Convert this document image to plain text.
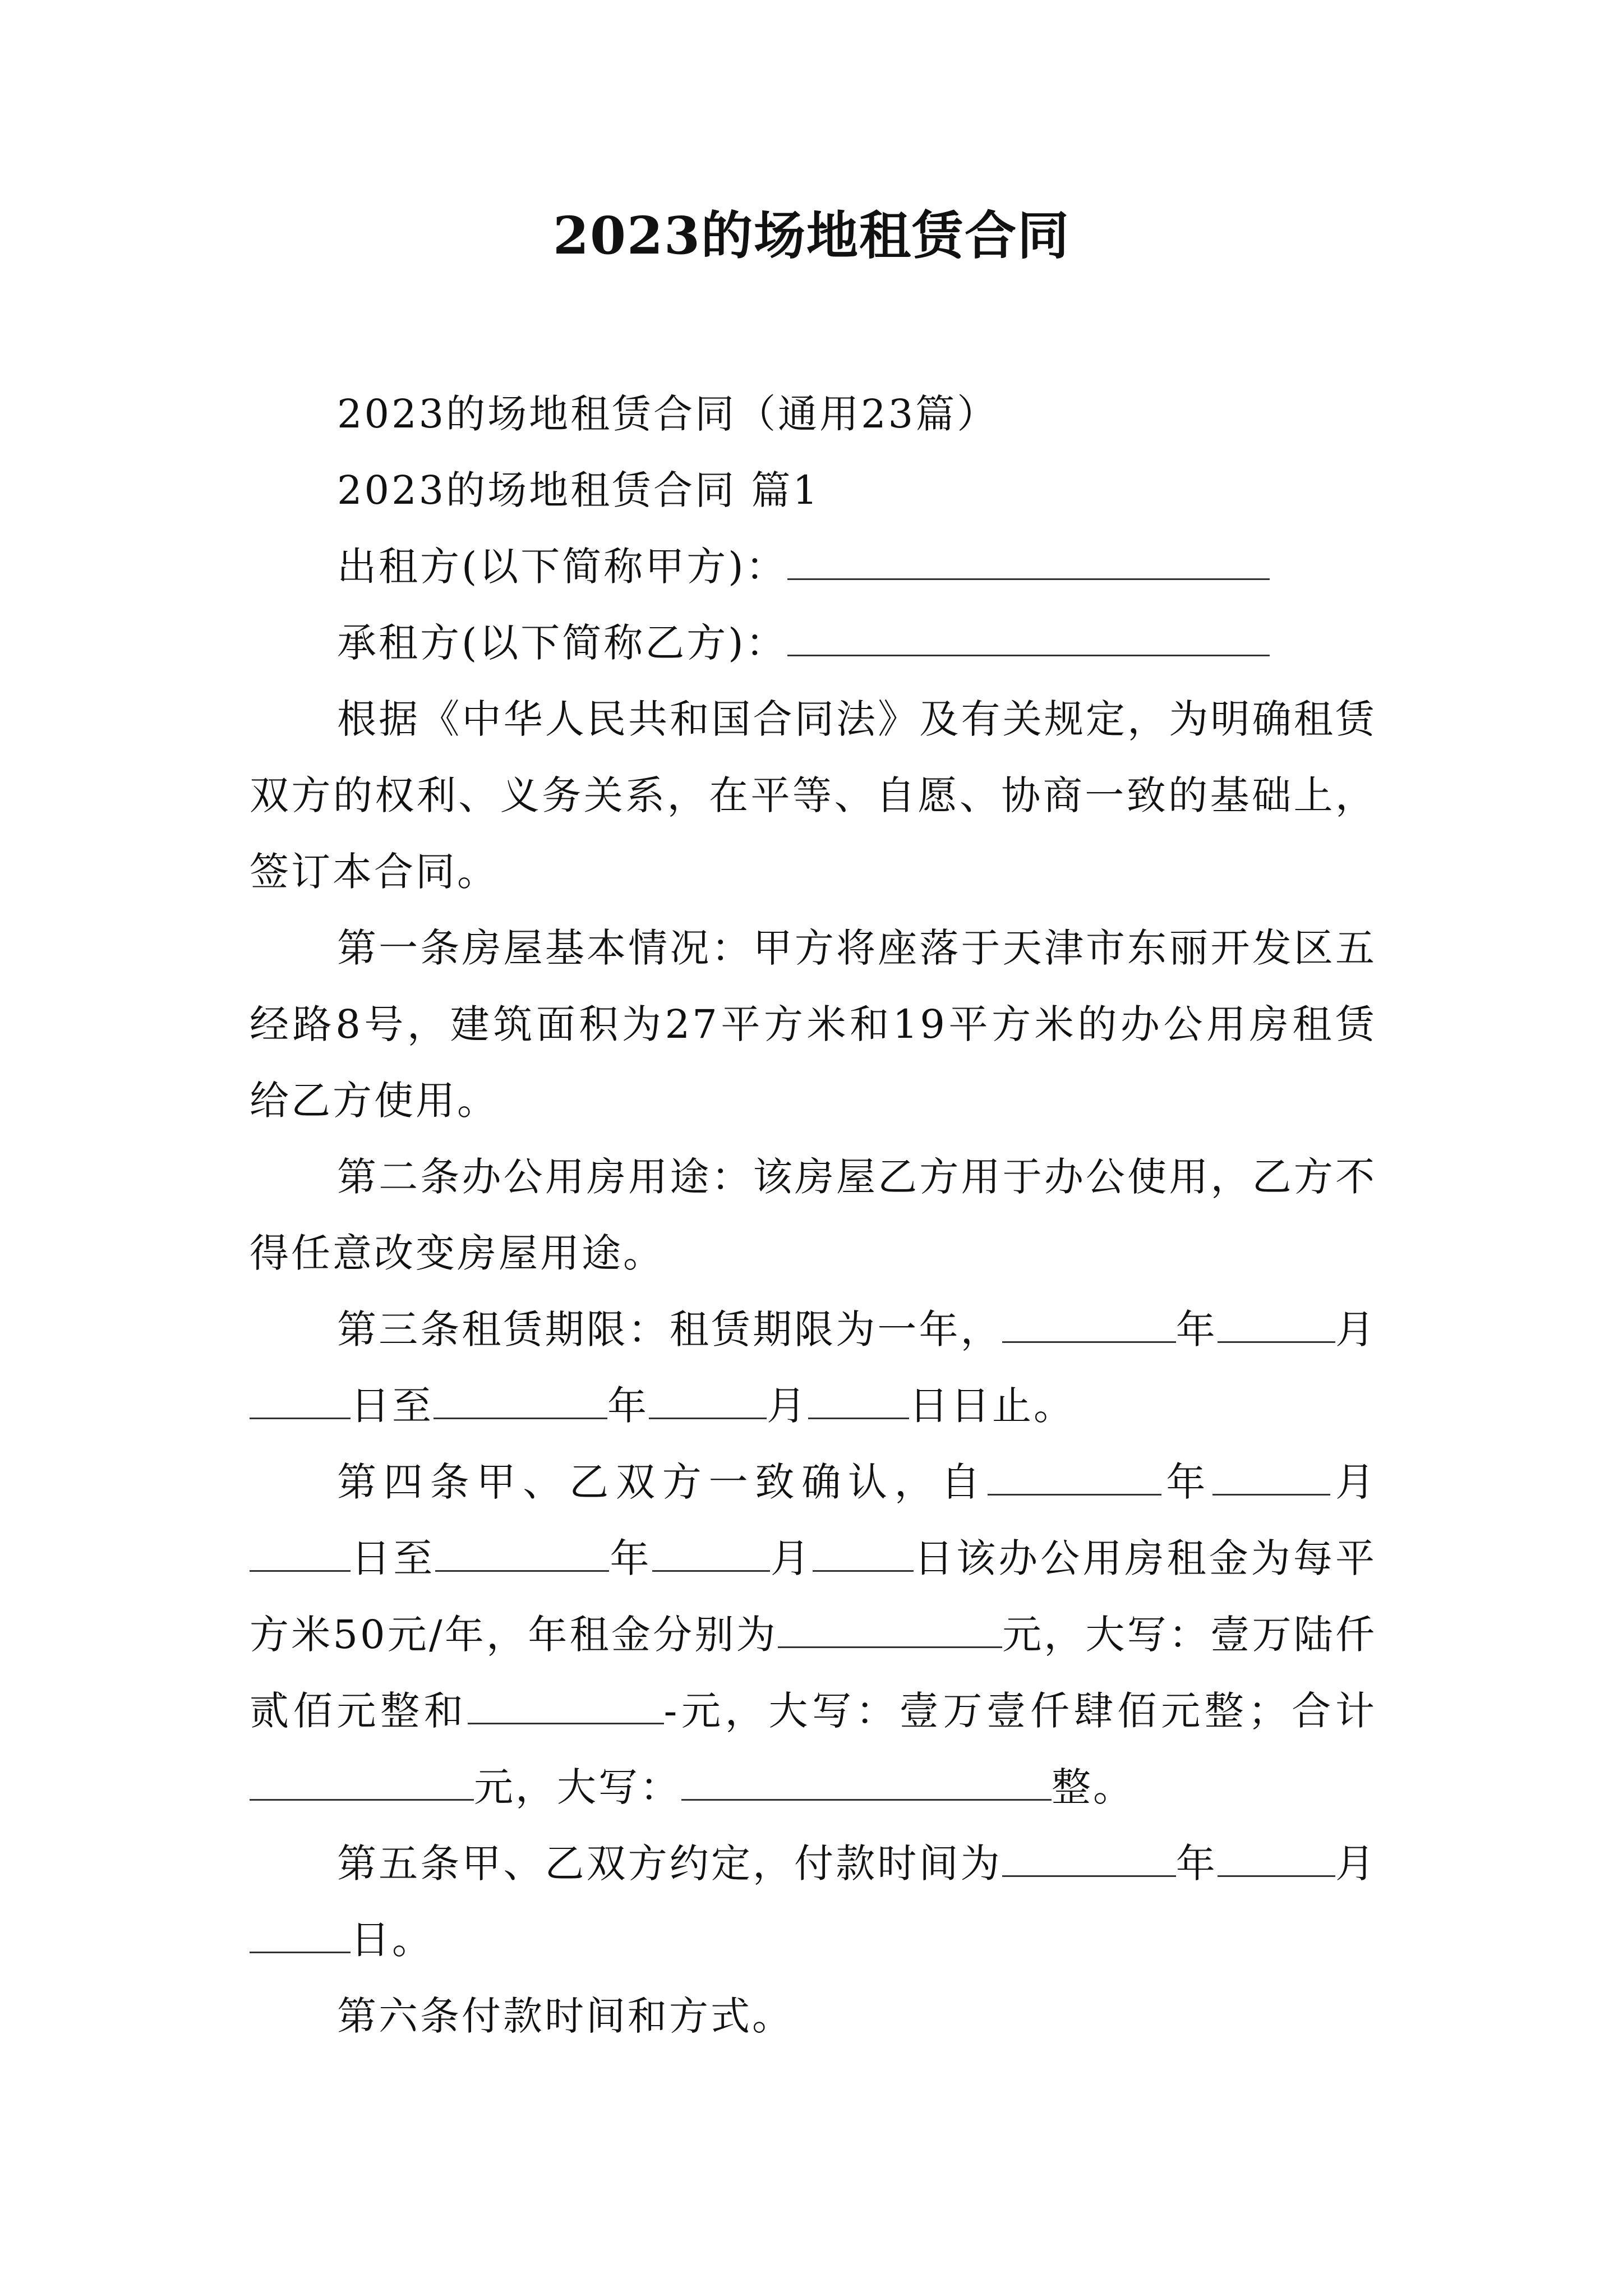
2023的场地租赁合同

2023的场地租赁合同（通用23篇）

2023的场地租赁合同 篇1

出租方(以下简称甲方)：

承租方(以下简称乙方)：

根据《中华人民共和国合同法》及有关规定，为明确租赁双方的权利、义务关系，在平等、自愿、协商一致的基础上，签订本合同。

第一条房屋基本情况：甲方将座落于天津市东丽开发区五经路8号，建筑面积为27平方米和19平方米的办公用房租赁给乙方使用。

第二条办公用房用途：该房屋乙方用于办公使用，乙方不得任意改变房屋用途。

第三条租赁期限：租赁期限为一年，	年	月日至	年	月	日日止。

第四条甲、乙双方一致确认，自	年	月日至	年	月	日该办公用房租金为每平方米50元/年，年租金分别为	元，大写：壹万陆仟贰佰元整和	-元，大写：壹万壹仟肆佰元整；合计元，大写：	整。

第五条甲、乙双方约定，付款时间为	年	月日。

第六条付款时间和方式。
